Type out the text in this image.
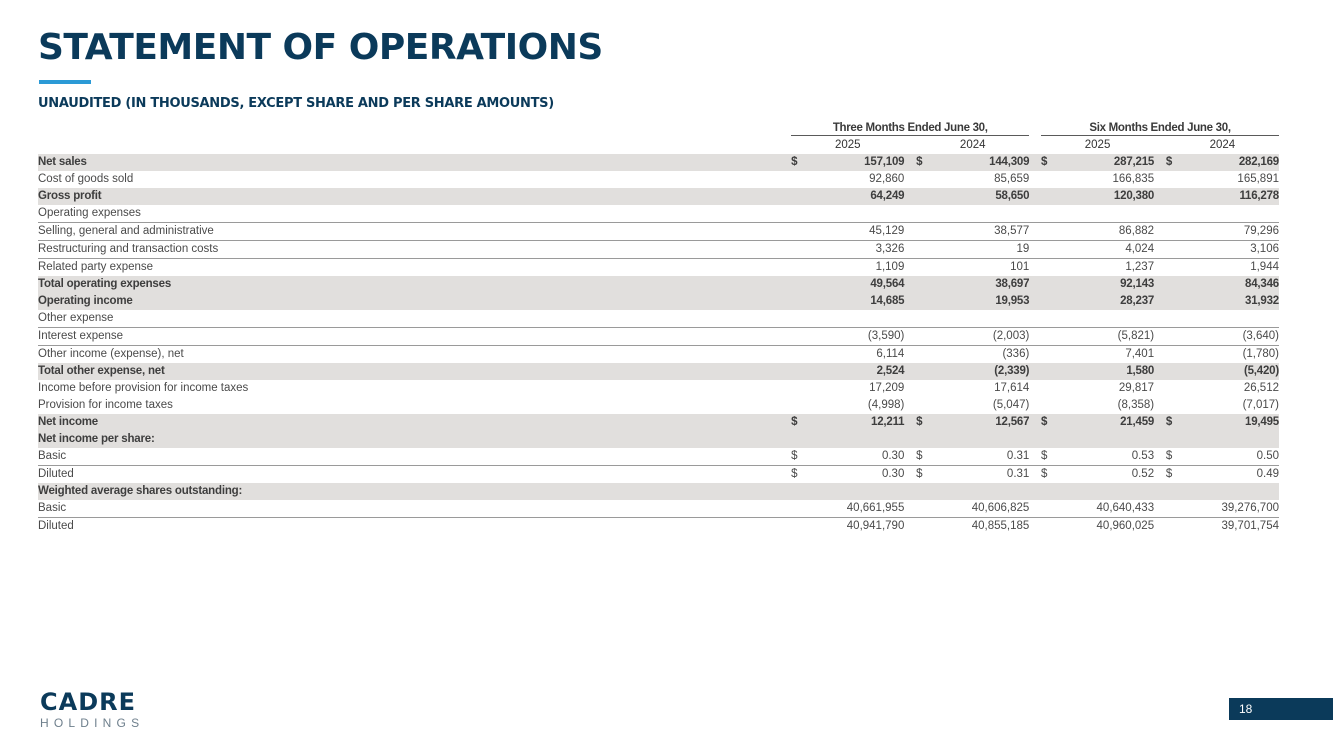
STATEMENT OF OPERATIONS
UNAUDITED (IN THOUSANDS, EXCEPT SHARE AND PER SHARE AMOUNTS)
	Three Months Ended June 30,						Six Months Ended June 30,				
	2025			2024			2025			2024	
Net sales	$	157,109		$	144,309		$	287,215		$	282,169
Cost of goods sold		92,860			85,659			166,835			165,891
Gross profit		64,249			58,650			120,380			116,278
Operating expenses											
Selling, general and administrative		45,129			38,577			86,882			79,296
Restructuring and transaction costs		3,326			19			4,024			3,106
Related party expense		1,109			101			1,237			1,944
Total operating expenses		49,564			38,697			92,143			84,346
Operating income		14,685			19,953			28,237			31,932
Other expense											
Interest expense		(3,590)			(2,003)			(5,821)			(3,640)
Other income (expense), net		6,114			(336)			7,401			(1,780)
Total other expense, net		2,524			(2,339)			1,580			(5,420)
Income before provision for income taxes		17,209			17,614			29,817			26,512
Provision for income taxes		(4,998)			(5,047)			(8,358)			(7,017)
Net income	$	12,211		$	12,567		$	21,459		$	19,495
Net income per share:											
Basic	$	0.30		$	0.31		$	0.53		$	0.50
Diluted	$	0.30		$	0.31		$	0.52		$	0.49
Weighted average shares outstanding:											
Basic		40,661,955			40,606,825			40,640,433			39,276,700
Diluted		40,941,790			40,855,185			40,960,025			39,701,754
CADRE
HOLDINGS
18
